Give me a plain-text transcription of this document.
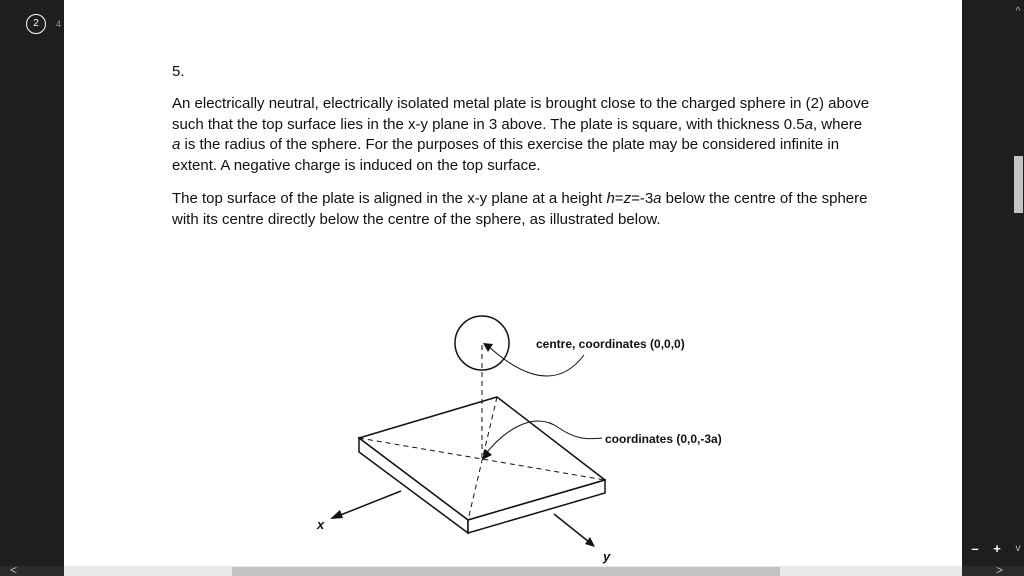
2	4
5.

An electrically neutral, electrically isolated metal plate is brought close to the charged sphere in (2) above such that the top surface lies in the x-y plane in 3 above. The plate is square, with thickness 0.5a, where a is the radius of the sphere. For the purposes of this exercise the plate may be considered infinite in extent. A negative charge is induced on the top surface.

The top surface of the plate is aligned in the x-y plane at a height h=z=-3a below the centre of the sphere with its centre directly below the centre of the sphere, as illustrated below.

centre, coordinates (0,0,0)
coordinates (0,0,-3a)
x
y
^
v
– +
<	>
